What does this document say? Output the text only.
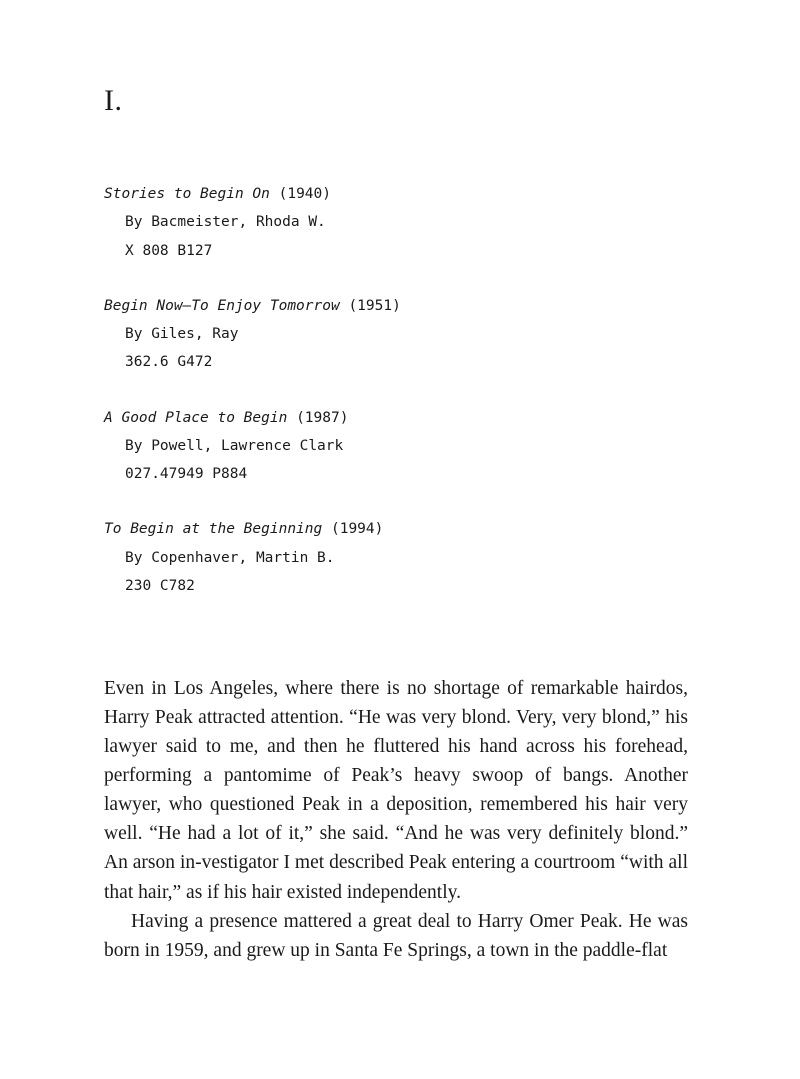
I.
Stories to Begin On (1940)
By Bacmeister, Rhoda W.
X 808 B127
Begin Now—To Enjoy Tomorrow (1951)
By Giles, Ray
362.6 G472
A Good Place to Begin (1987)
By Powell, Lawrence Clark
027.47949 P884
To Begin at the Beginning (1994)
By Copenhaver, Martin B.
230 C782

Even in Los Angeles, where there is no shortage of remarkable hairdos, Harry Peak attracted attention. “He was very blond. Very, very blond,” his lawyer said to me, and then he fluttered his hand across his forehead, performing a pantomime of Peak’s heavy swoop of bangs. Another lawyer, who questioned Peak in a deposition, remembered his hair very well. “He had a lot of it,” she said. “And he was very definitely blond.” An arson in-vestigator I met described Peak entering a courtroom “with all that hair,” as if his hair existed independently.

Having a presence mattered a great deal to Harry Omer Peak. He was born in 1959, and grew up in Santa Fe Springs, a town in the paddle-flat
